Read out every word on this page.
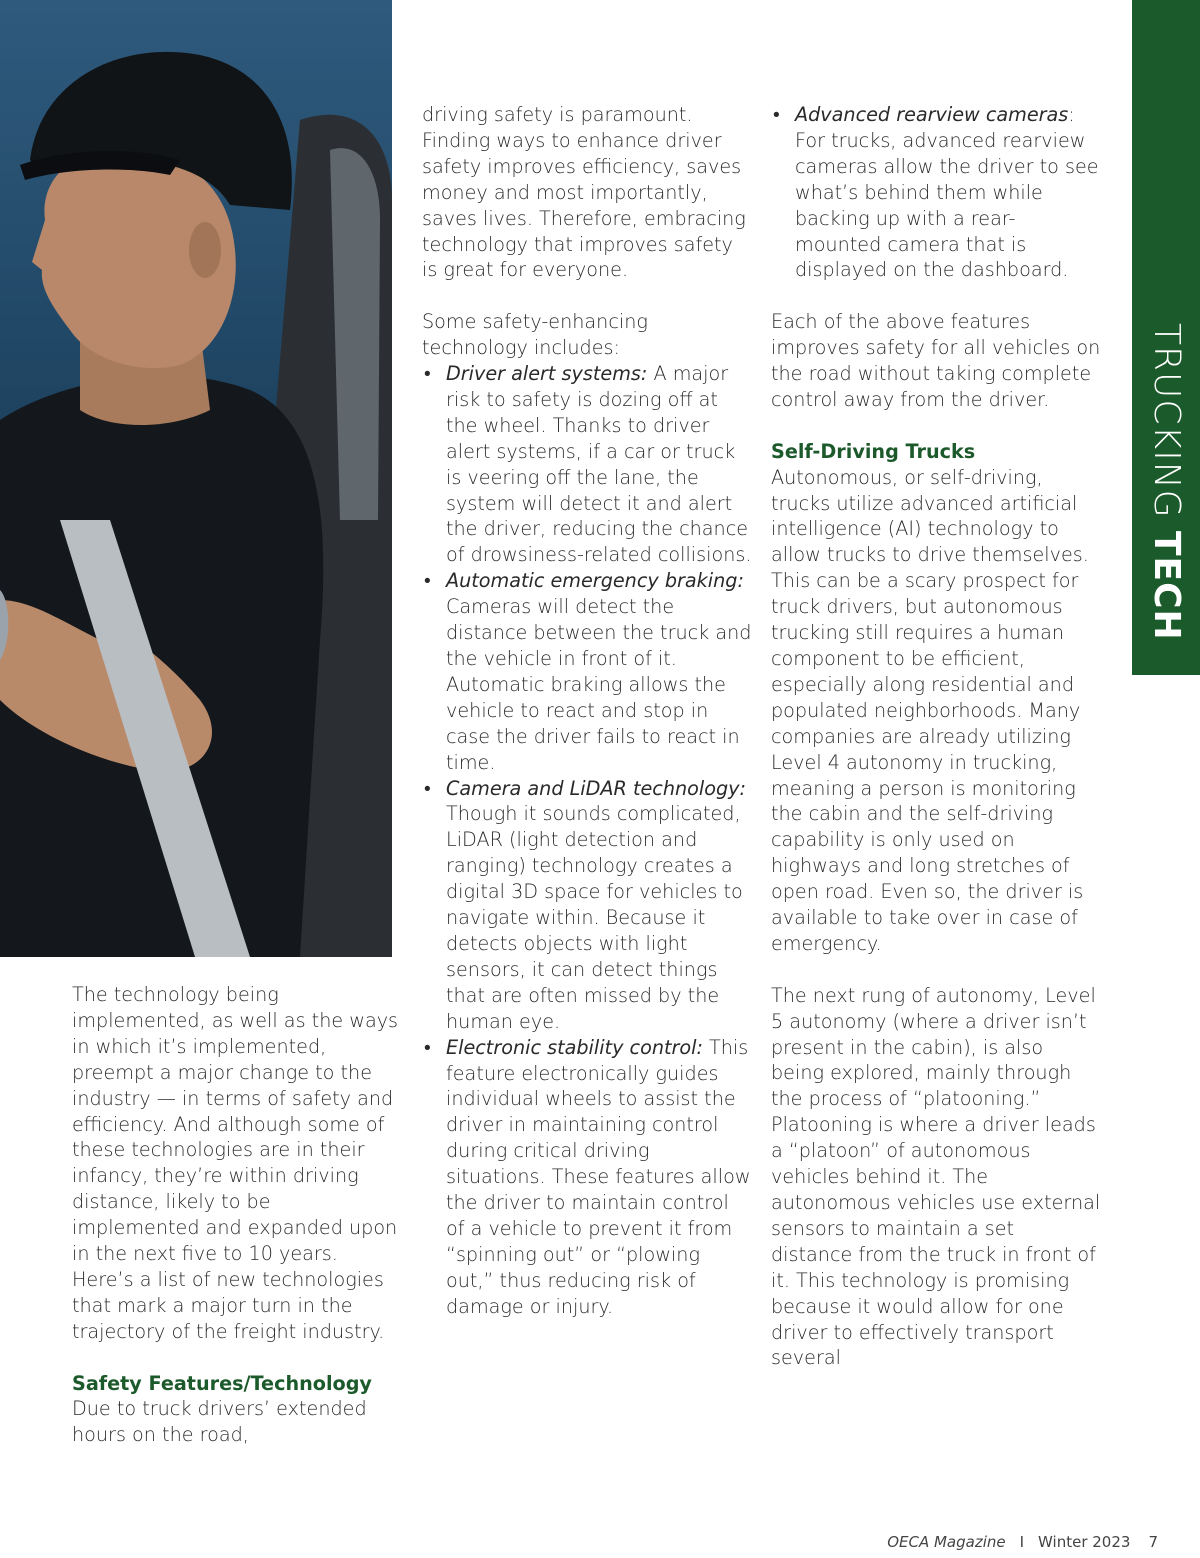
The technology being implemented, as well as the ways in which it’s implemented, preempt a major change to the industry — in terms of safety and efficiency. And although some of these technologies are in their infancy, they’re within driving distance, likely to be implemented and expanded upon in the next five to 10 years. Here’s a list of new technologies that mark a major turn in the trajectory of the freight industry.

Safety Features/Technology

Due to truck drivers’ extended hours on the road,

driving safety is paramount. Finding ways to enhance driver safety improves efficiency, saves money and most importantly, saves lives. Therefore, embracing technology that improves safety is great for everyone.

Some safety-enhancing technology includes:

• Driver alert systems: A major risk to safety is dozing off at the wheel. Thanks to driver alert systems, if a car or truck is veering off the lane, the system will detect it and alert the driver, reducing the chance of drowsiness-related collisions.
• Automatic emergency braking: Cameras will detect the distance between the truck and the vehicle in front of it. Automatic braking allows the vehicle to react and stop in case the driver fails to react in time.
• Camera and LiDAR technology: Though it sounds complicated, LiDAR (light detection and ranging) technology creates a digital 3D space for vehicles to navigate within. Because it detects objects with light sensors, it can detect things that are often missed by the human eye.
• Electronic stability control: This feature electronically guides individual wheels to assist the driver in maintaining control during critical driving situations. These features allow the driver to maintain control of a vehicle to prevent it from “spinning out” or “plowing out,” thus reducing risk of damage or injury.
• Advanced rearview cameras: For trucks, advanced rearview cameras allow the driver to see what’s behind them while backing up with a rear-mounted camera that is displayed on the dashboard.

Each of the above features improves safety for all vehicles on the road without taking complete control away from the driver.

Self-Driving Trucks

Autonomous, or self-driving, trucks utilize advanced artificial intelligence (AI) technology to allow trucks to drive themselves. This can be a scary prospect for truck drivers, but autonomous trucking still requires a human component to be efficient, especially along residential and populated neighborhoods. Many companies are already utilizing Level 4 autonomy in trucking, meaning a person is monitoring the cabin and the self-driving capability is only used on highways and long stretches of open road. Even so, the driver is available to take over in case of emergency.

The next rung of autonomy, Level 5 autonomy (where a driver isn’t present in the cabin), is also being explored, mainly through the process of “platooning.” Platooning is where a driver leads a “platoon” of autonomous vehicles behind it. The autonomous vehicles use external sensors to maintain a set distance from the truck in front of it. This technology is promising because it would allow for one driver to effectively transport several

TRUCKING TECH
OECA Magazine I Winter 2023 7
